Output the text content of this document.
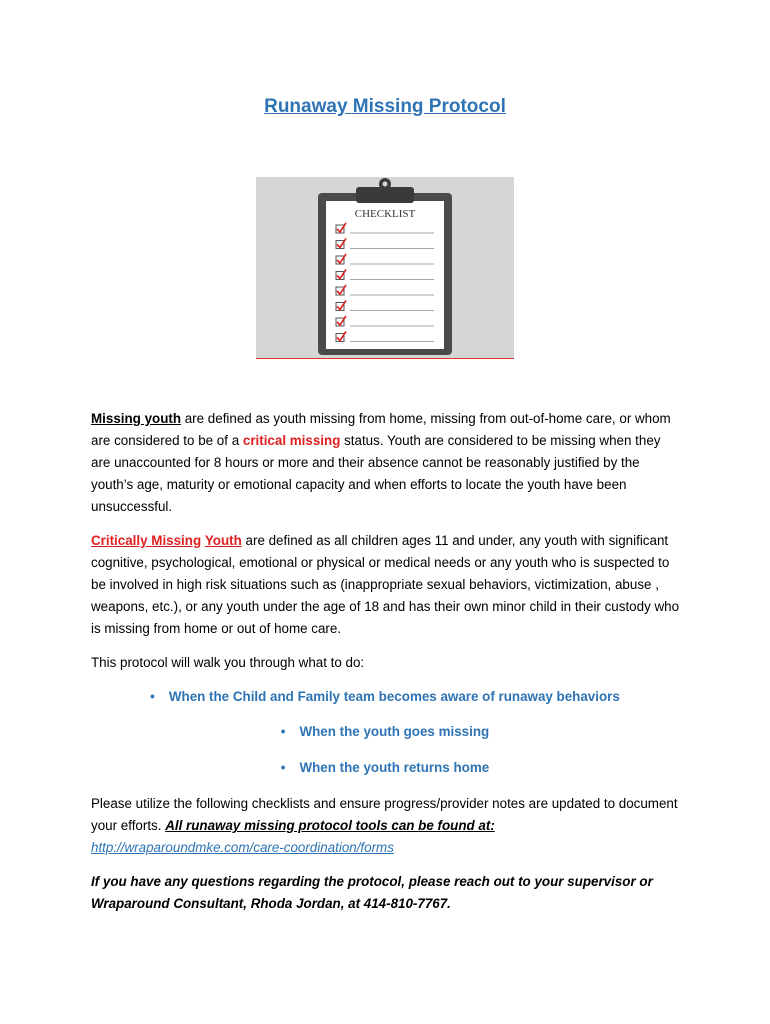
Runaway Missing Protocol
CHECKLIST
Missing youth are defined as youth missing from home, missing from out-of-home care, or whom are considered to be of a critical missing status. Youth are considered to be missing when they are unaccounted for 8 hours or more and their absence cannot be reasonably justified by the youth’s age, maturity or emotional capacity and when efforts to locate the youth have been unsuccessful.
Critically Missing Youth are defined as all children ages 11 and under, any youth with significant cognitive, psychological, emotional or physical or medical needs or any youth who is suspected to be involved in high risk situations such as (inappropriate sexual behaviors, victimization, abuse , weapons, etc.), or any youth under the age of 18 and has their own minor child in their custody who is missing from home or out of home care.
This protocol will walk you through what to do:
• When the Child and Family team becomes aware of runaway behaviors
• When the youth goes missing
• When the youth returns home
Please utilize the following checklists and ensure progress/provider notes are updated to document your efforts. All runaway missing protocol tools can be found at:
http://wraparoundmke.com/care-coordination/forms
If you have any questions regarding the protocol, please reach out to your supervisor or Wraparound Consultant, Rhoda Jordan, at 414-810-7767.
